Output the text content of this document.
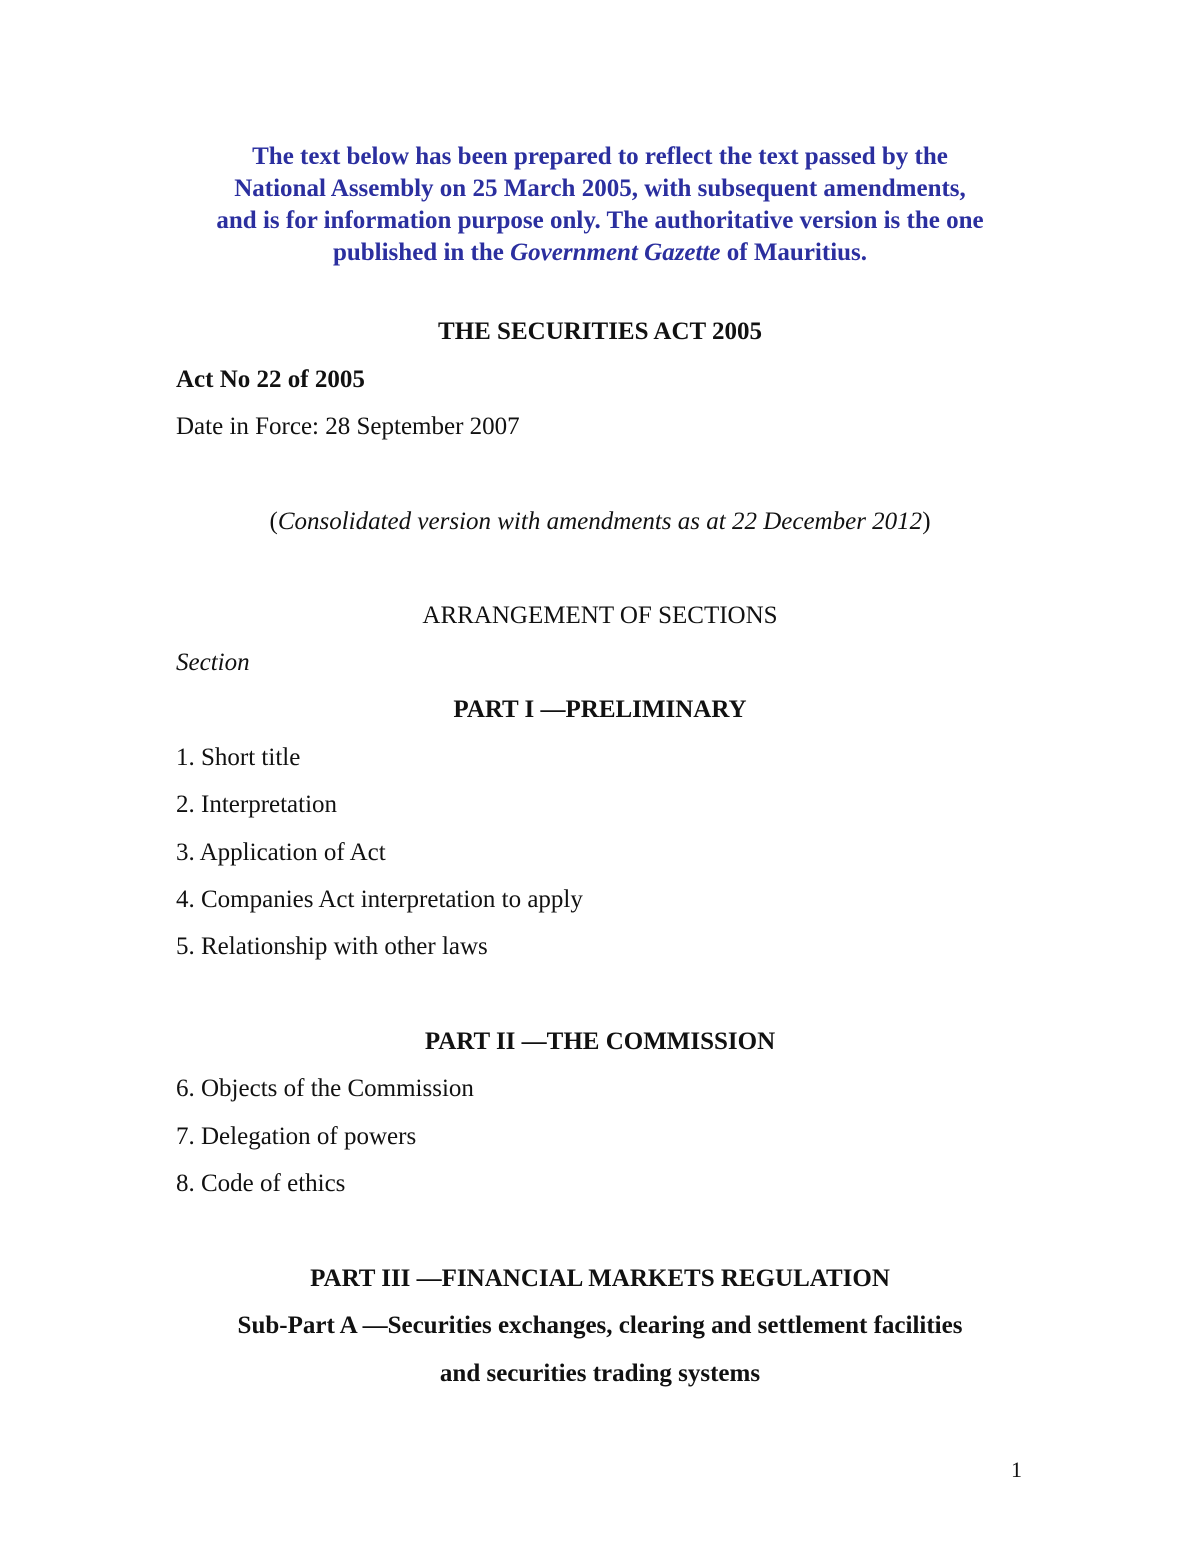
The text below has been prepared to reflect the text passed by the
National Assembly on 25 March 2005, with subsequent amendments,
and is for information purpose only. The authoritative version is the one
published in the Government Gazette of Mauritius.
THE SECURITIES ACT 2005
Act No 22 of 2005
Date in Force: 28 September 2007
(Consolidated version with amendments as at 22 December 2012)
ARRANGEMENT OF SECTIONS
Section
PART I —PRELIMINARY
1. Short title
2. Interpretation
3. Application of Act
4. Companies Act interpretation to apply
5. Relationship with other laws
PART II —THE COMMISSION
6. Objects of the Commission
7. Delegation of powers
8. Code of ethics
PART III —FINANCIAL MARKETS REGULATION
Sub-Part A —Securities exchanges, clearing and settlement facilities
and securities trading systems
1
